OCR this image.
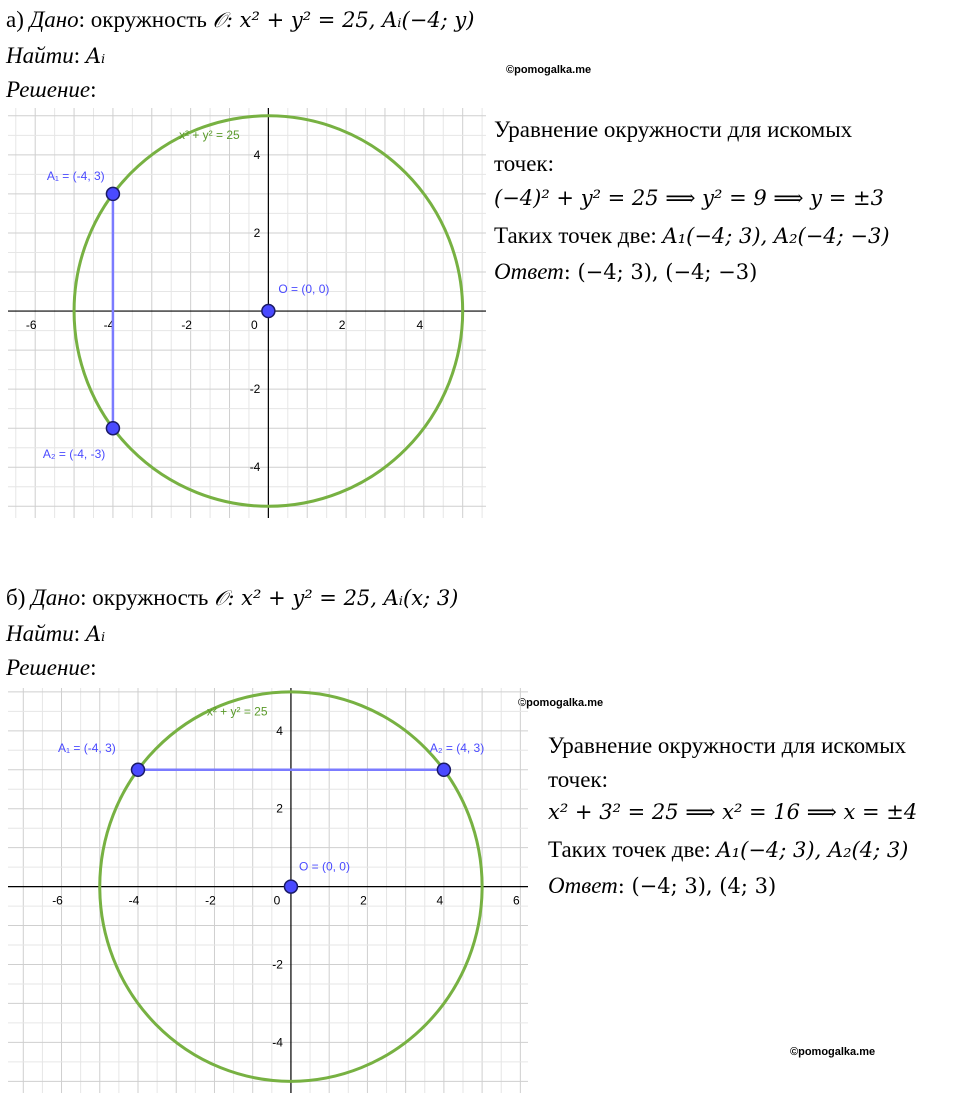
а) Дано: окружность 𝒪: x² + y² = 25, Aᵢ(−4; y)
Найти: Aᵢ
Решение:
©pomogalka.me
-6	-4	-2	0	2	4
4
2
-2
-4
x² + y² = 25
A₁ = (-4, 3)
A₂ = (-4, -3)
O = (0, 0)
Уравнение окружности для искомых
точек:
(−4)² + y² = 25 ⟹ y² = 9 ⟹ y = ±3
Таких точек две: A₁(−4; 3), A₂(−4; −3)
Ответ: (−4; 3), (−4; −3)
б) Дано: окружность 𝒪: x² + y² = 25, Aᵢ(x; 3)
Найти: Aᵢ
Решение:
©pomogalka.me
©pomogalka.me
-6	-4	-2	0	2	4	6
4
2
-2
-4
x² + y² = 25
A₁ = (-4, 3)	A₂ = (4, 3)
O = (0, 0)
Уравнение окружности для искомых
точек:
x² + 3² = 25 ⟹ x² = 16 ⟹ x = ±4
Таких точек две: A₁(−4; 3), A₂(4; 3)
Ответ: (−4; 3), (4; 3)
